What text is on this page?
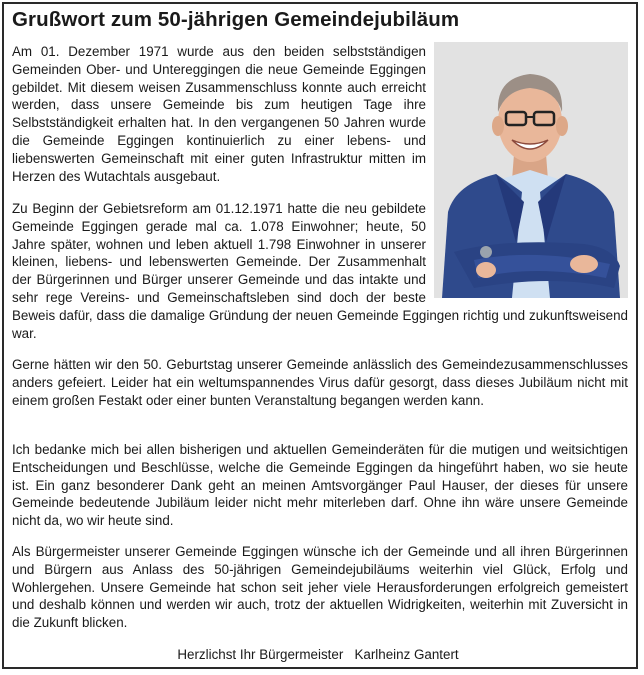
Grußwort zum 50-jährigen Gemeindejubiläum

Am 01. Dezember 1971 wurde aus den beiden selbstständigen Gemeinden Ober- und Untereggingen die neue Gemeinde Eggingen gebildet. Mit diesem weisen Zusammenschluss konnte auch erreicht werden, dass unsere Gemeinde bis zum heutigen Tage ihre Selbstständigkeit erhalten hat. In den vergangenen 50 Jahren wurde die Gemeinde Eggingen kontinuierlich zu einer lebens- und liebenswerten Gemeinschaft mit einer guten Infrastruktur mitten im Herzen des Wutachtals ausgebaut.

Zu Beginn der Gebietsreform am 01.12.1971 hatte die neu gebildete Gemeinde Eggingen gerade mal ca. 1.078 Einwohner; heute, 50 Jahre später, wohnen und leben aktuell 1.798 Einwohner in unserer kleinen, liebens- und lebenswerten Gemeinde. Der Zusammenhalt der Bürgerinnen und Bürger unserer Gemeinde und das intakte und sehr rege Vereins- und Gemeinschaftsleben sind doch der beste Beweis dafür, dass die damalige Gründung der neuen Gemeinde Eggingen richtig und zukunftsweisend war.

Gerne hätten wir den 50. Geburtstag unserer Gemeinde anlässlich des Gemeindezusammenschlusses anders gefeiert. Leider hat ein weltumspannendes Virus dafür gesorgt, dass dieses Jubiläum nicht mit einem großen Festakt oder einer bunten Veranstaltung begangen werden kann.

Ich bedanke mich bei allen bisherigen und aktuellen Gemeinderäten für die mutigen und weitsichtigen Entscheidungen und Beschlüsse, welche die Gemeinde Eggingen da hingeführt haben, wo sie heute ist. Ein ganz besonderer Dank geht an meinen Amtsvorgänger Paul Hauser, der dieses für unsere Gemeinde bedeutende Jubiläum leider nicht mehr miterleben darf. Ohne ihn wäre unsere Gemeinde nicht da, wo wir heute sind.

Als Bürgermeister unserer Gemeinde Eggingen wünsche ich der Gemeinde und all ihren Bürgerinnen und Bürgern aus Anlass des 50-jährigen Gemeindejubiläums weiterhin viel Glück, Erfolg und Wohlergehen. Unsere Gemeinde hat schon seit jeher viele Herausforderungen erfolgreich gemeistert und deshalb können und werden wir auch, trotz der aktuellen Widrigkeiten, weiterhin mit Zuversicht in die Zukunft blicken.

Herzlichst Ihr Bürgermeister   Karlheinz Gantert
